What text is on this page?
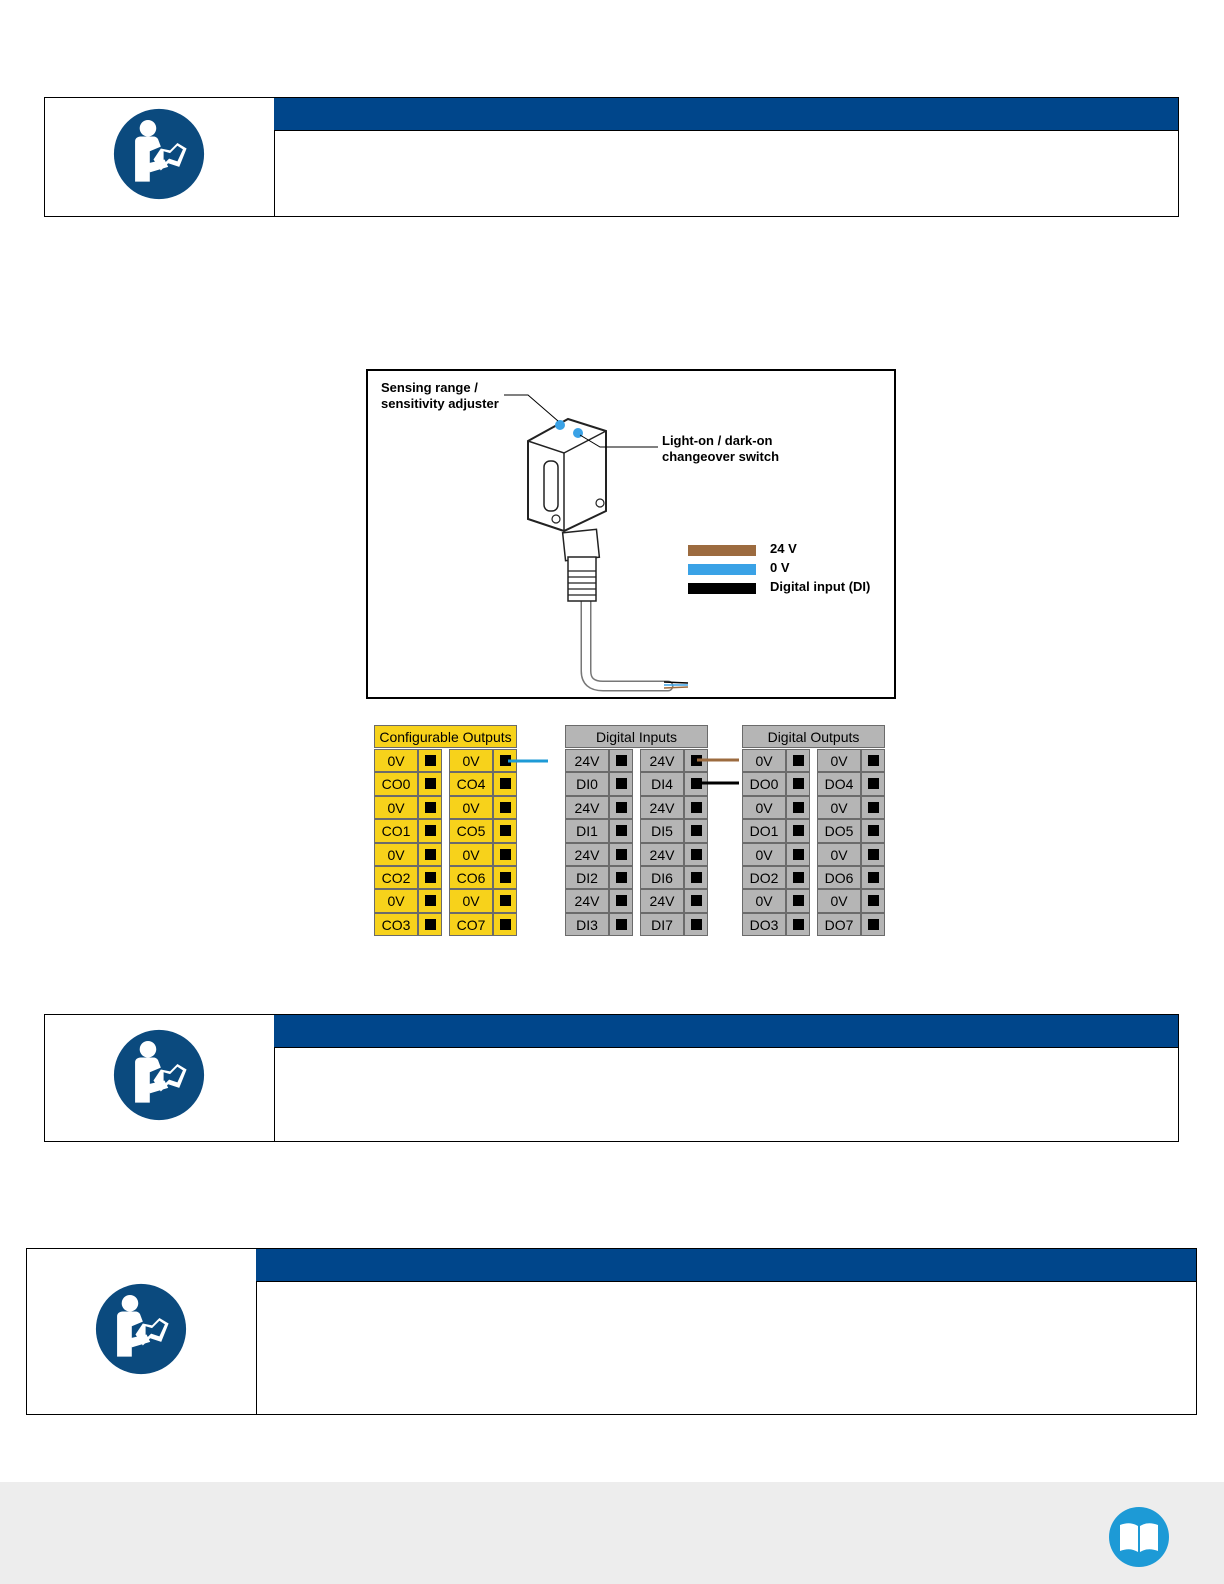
Sensing range /
sensitivity adjuster
Light-on / dark-on
changeover switch
24 V
0 V
Digital input (DI)
Configurable Outputs
0V
CO0
0V
CO1
0V
CO2
0V
CO3
0V
CO4
0V
CO5
0V
CO6
0V
CO7
Digital Inputs
24V
DI0
24V
DI1
24V
DI2
24V
DI3
24V
DI4
24V
DI5
24V
DI6
24V
DI7
Digital Outputs
0V
DO0
0V
DO1
0V
DO2
0V
DO3
0V
DO4
0V
DO5
0V
DO6
0V
DO7
